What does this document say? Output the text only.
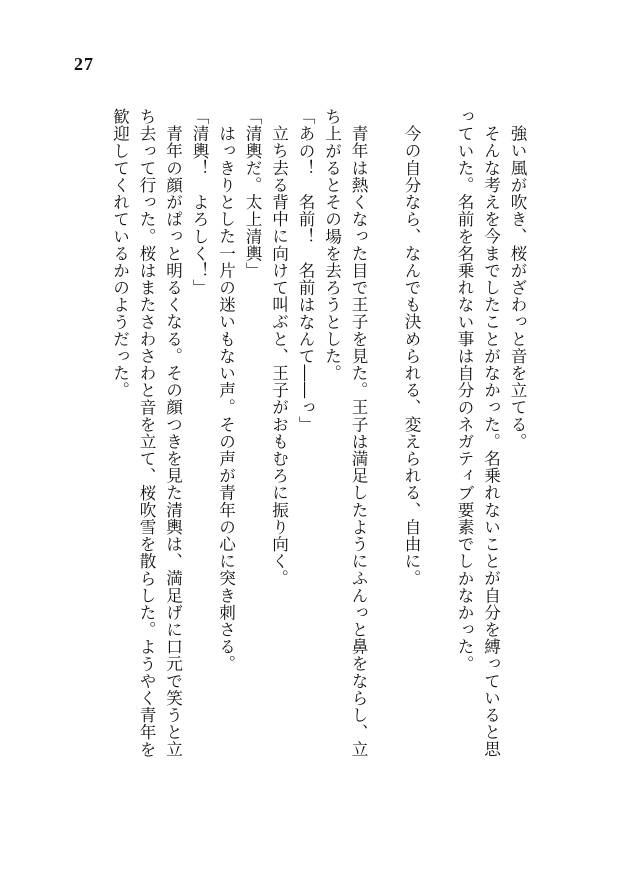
27
強い風が吹き、桜がざわっと音を立てる。
そんな考えを今までしたことがなかった。名乗れないことが自分を縛っていると思
っていた。名前を名乗れない事は自分のネガティブ要素でしかなかった。
今の自分なら、なんでも決められる、変えられる、自由に。
青年は熱くなった目で王子を見た。王子は満足したようにふんっと鼻をならし、立
ち上がるとその場を去ろうとした。
「あの！　名前！　名前はなんて――っ」
立ち去る背中に向けて叫ぶと、王子がおもむろに振り向く。
「清輿だ。太上清輿」
はっきりとした一片の迷いもない声。その声が青年の心に突き刺さる。
「清輿！　よろしく！」
青年の顔がぱっと明るくなる。その顔つきを見た清輿は、満足げに口元で笑うと立
ち去って行った。桜はまたさわさわと音を立て、桜吹雪を散らした。ようやく青年を
歓迎してくれているかのようだった。
